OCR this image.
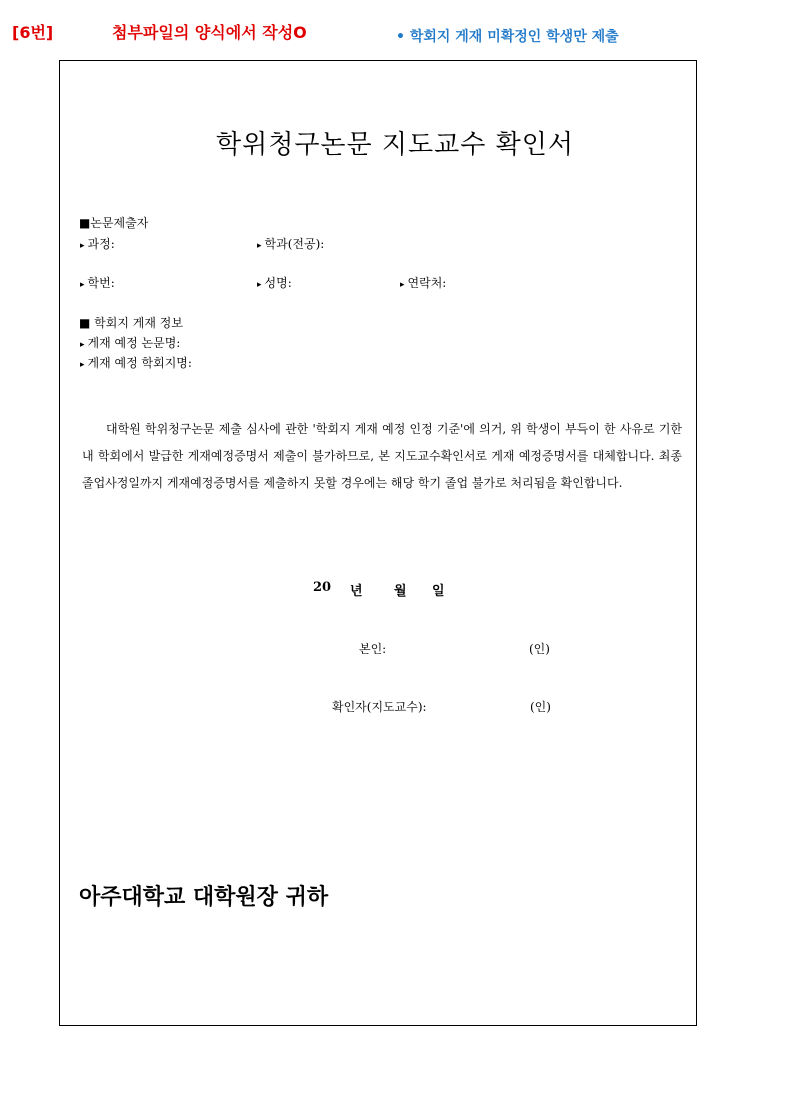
[6번]	첨부파일의 양식에서 작성O	• 학회지 게재 미확정인 학생만 제출
학위청구논문 지도교수 확인서
■논문제출자
▸ 과정:	▸ 학과(전공):
▸ 학번:	▸ 성명:	▸ 연락처:
■ 학회지 게재 정보
▸ 게재 예정 논문명:
▸ 게재 예정 학회지명:
대학원 학위청구논문 제출 심사에 관한 '학회지 게재 예정 인정 기준'에 의거, 위 학생이 부득이 한 사유로 기한 내 학회에서 발급한 게재예정증명서 제출이 불가하므로, 본 지도교수확인서로 게재 예정증명서를 대체합니다. 최종 졸업사정일까지 게재예정증명서를 제출하지 못할 경우에는 해당 학기 졸업 불가로 처리됨을 확인합니다.
20 년 월 일
본인:	(인)
확인자(지도교수):	(인)
아주대학교 대학원장 귀하
